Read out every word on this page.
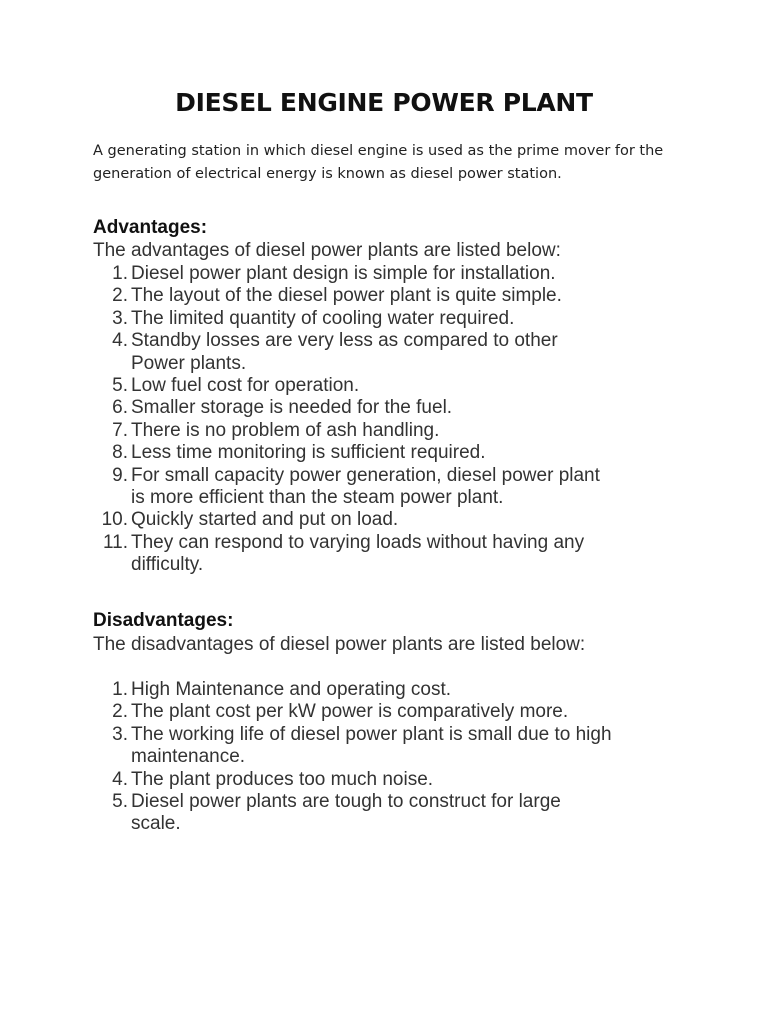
DIESEL ENGINE POWER PLANT
A generating station in which diesel engine is used as the prime mover for the generation of electrical energy is known as diesel power station.
Advantages:
The advantages of diesel power plants are listed below:
1. Diesel power plant design is simple for installation.
2. The layout of the diesel power plant is quite simple.
3. The limited quantity of cooling water required.
4. Standby losses are very less as compared to other Power plants.
5. Low fuel cost for operation.
6. Smaller storage is needed for the fuel.
7. There is no problem of ash handling.
8. Less time monitoring is sufficient required.
9. For small capacity power generation, diesel power plant is more efficient than the steam power plant.
10. Quickly started and put on load.
11. They can respond to varying loads without having any difficulty.
Disadvantages:
The disadvantages of diesel power plants are listed below:
1. High Maintenance and operating cost.
2. The plant cost per kW power is comparatively more.
3. The working life of diesel power plant is small due to high maintenance.
4. The plant produces too much noise.
5. Diesel power plants are tough to construct for large scale.
